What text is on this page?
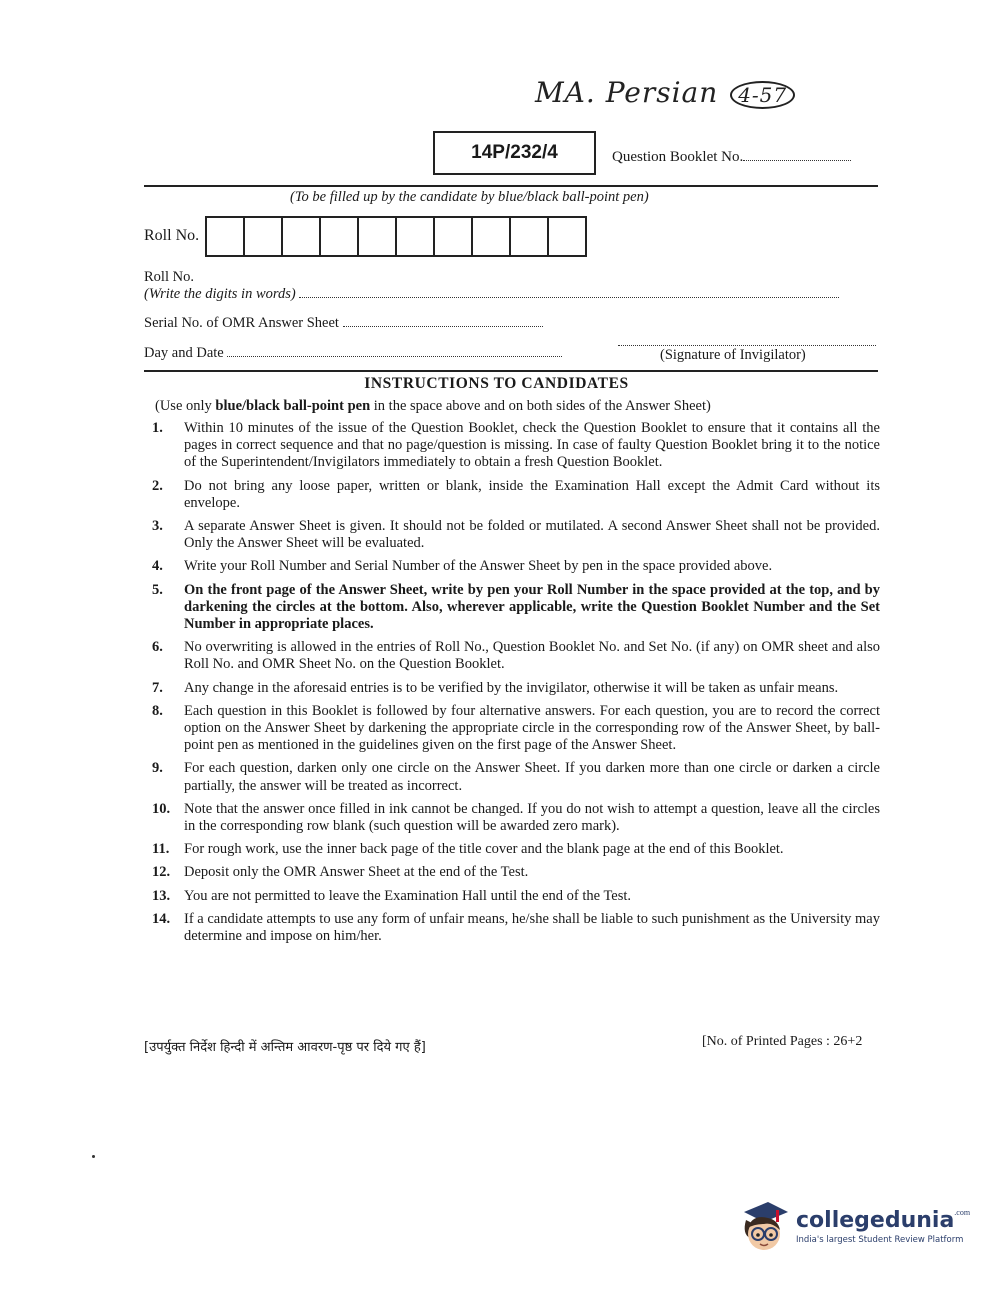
MA. Persian 4-57
14P/232/4	Question Booklet No.
(To be filled up by the candidate by blue/black ball-point pen)
Roll No.
Roll No.
(Write the digits in words)
Serial No. of OMR Answer Sheet
Day and Date	(Signature of Invigilator)
INSTRUCTIONS TO CANDIDATES
(Use only blue/black ball-point pen in the space above and on both sides of the Answer Sheet)
1.	Within 10 minutes of the issue of the Question Booklet, check the Question Booklet to ensure that it contains all the pages in correct sequence and that no page/question is missing. In case of faulty Question Booklet bring it to the notice of the Superintendent/Invigilators immediately to obtain a fresh Question Booklet.
2.	Do not bring any loose paper, written or blank, inside the Examination Hall except the Admit Card without its envelope.
3.	A separate Answer Sheet is given. It should not be folded or mutilated. A second Answer Sheet shall not be provided. Only the Answer Sheet will be evaluated.
4.	Write your Roll Number and Serial Number of the Answer Sheet by pen in the space provided above.
5.	On the front page of the Answer Sheet, write by pen your Roll Number in the space provided at the top, and by darkening the circles at the bottom. Also, wherever applicable, write the Question Booklet Number and the Set Number in appropriate places.
6.	No overwriting is allowed in the entries of Roll No., Question Booklet No. and Set No. (if any) on OMR sheet and also Roll No. and OMR Sheet No. on the Question Booklet.
7.	Any change in the aforesaid entries is to be verified by the invigilator, otherwise it will be taken as unfair means.
8.	Each question in this Booklet is followed by four alternative answers. For each question, you are to record the correct option on the Answer Sheet by darkening the appropriate circle in the corresponding row of the Answer Sheet, by ball-point pen as mentioned in the guidelines given on the first page of the Answer Sheet.
9.	For each question, darken only one circle on the Answer Sheet. If you darken more than one circle or darken a circle partially, the answer will be treated as incorrect.
10. Note that the answer once filled in ink cannot be changed. If you do not wish to attempt a question, leave all the circles in the corresponding row blank (such question will be awarded zero mark).
11.	For rough work, use the inner back page of the title cover and the blank page at the end of this Booklet.
12. Deposit only the OMR Answer Sheet at the end of the Test.
13. You are not permitted to leave the Examination Hall until the end of the Test.
14. If a candidate attempts to use any form of unfair means, he/she shall be liable to such punishment as the University may determine and impose on him/her.
[उपर्युक्त निर्देश हिन्दी में अन्तिम आवरण-पृष्ठ पर दिये गए हैं]	[No. of Printed Pages : 26+2
collegedunia$^{.com}$
India's largest Student Review Platform
